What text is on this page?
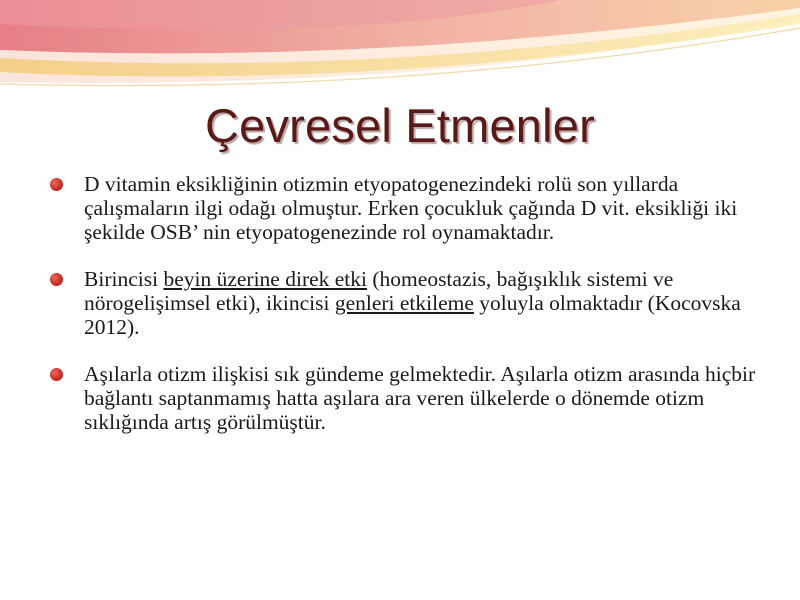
Çevresel Etmenler
D vitamin eksikliğinin otizmin etyopatogenezindeki rolü son yıllarda çalışmaların ilgi odağı olmuştur. Erken çocukluk çağında D vit. eksikliği iki şekilde OSB’ nin etyopatogenezinde rol oynamaktadır.
Birincisi beyin üzerine direk etki (homeostazis, bağışıklık sistemi ve nörogelişimsel etki), ikincisi genleri etkileme yoluyla olmaktadır (Kocovska 2012).
Aşılarla otizm ilişkisi sık gündeme gelmektedir. Aşılarla otizm arasında hiçbir bağlantı saptanmamış hatta aşılara ara veren ülkelerde o dönemde otizm sıklığında artış görülmüştür.
